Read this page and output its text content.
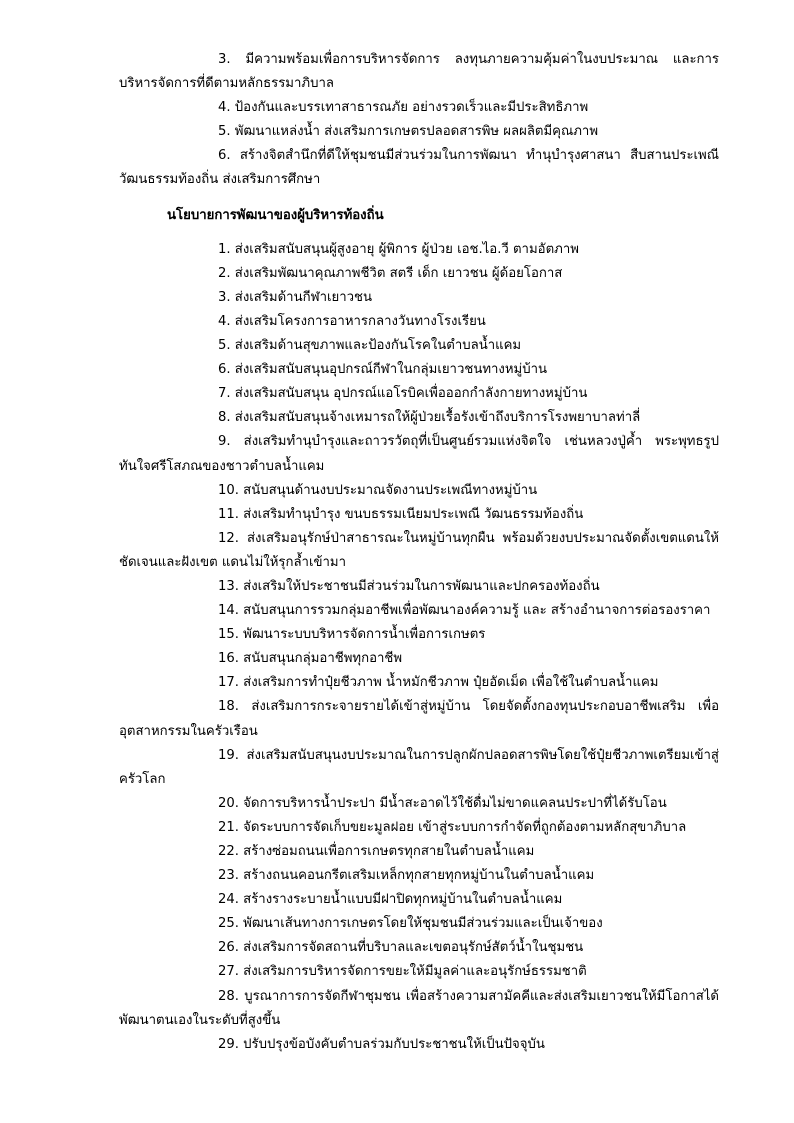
3. มีความพร้อมเพื่อการบริหารจัดการ ลงทุนภายความคุ้มค่าในงบประมาณ และการบริหารจัดการที่ดีตามหลักธรรมาภิบาล

4. ป้องกันและบรรเทาสาธารณภัย อย่างรวดเร็วและมีประสิทธิภาพ

5. พัฒนาแหล่งน้ำ ส่งเสริมการเกษตรปลอดสารพิษ ผลผลิตมีคุณภาพ

6. สร้างจิตสำนึกที่ดีให้ชุมชนมีส่วนร่วมในการพัฒนา ทำนุบำรุงศาสนา สืบสานประเพณีวัฒนธรรมท้องถิ่น ส่งเสริมการศึกษา

นโยบายการพัฒนาของผู้บริหารท้องถิ่น

1. ส่งเสริมสนับสนุนผู้สูงอายุ ผู้พิการ ผู้ป่วย เอช.ไอ.วี ตามอัตภาพ

2. ส่งเสริมพัฒนาคุณภาพชีวิต สตรี เด็ก เยาวชน ผู้ด้อยโอกาส

3. ส่งเสริมด้านกีฬาเยาวชน

4. ส่งเสริมโครงการอาหารกลางวันทางโรงเรียน

5. ส่งเสริมด้านสุขภาพและป้องกันโรคในตำบลน้ำแคม

6. ส่งเสริมสนับสนุนอุปกรณ์กีฬาในกลุ่มเยาวชนทางหมู่บ้าน

7. ส่งเสริมสนับสนุน อุปกรณ์แอโรบิคเพื่อออกกำลังกายทางหมู่บ้าน

8. ส่งเสริมสนับสนุนจ้างเหมารถให้ผู้ป่วยเรื้อรังเข้าถึงบริการโรงพยาบาลท่าลี่

9. ส่งเสริมทำนุบำรุงและถาวรวัตถุที่เป็นศูนย์รวมแห่งจิตใจ เช่นหลวงปู่ค้ำ พระพุทธรูปทันใจศรีโสภณของชาวตำบลน้ำแคม

10. สนับสนุนด้านงบประมาณจัดงานประเพณีทางหมู่บ้าน

11. ส่งเสริมทำนุบำรุง ขนบธรรมเนียมประเพณี วัฒนธรรมท้องถิ่น

12. ส่งเสริมอนุรักษ์ป่าสาธารณะในหมู่บ้านทุกผืน พร้อมด้วยงบประมาณจัดตั้งเขตแดนให้ชัดเจนและฝังเขต แดนไม่ให้รุกล้ำเข้ามา

13. ส่งเสริมให้ประชาชนมีส่วนร่วมในการพัฒนาและปกครองท้องถิ่น

14. สนับสนุนการรวมกลุ่มอาชีพเพื่อพัฒนาองค์ความรู้ และ สร้างอำนาจการต่อรองราคา

15. พัฒนาระบบบริหารจัดการน้ำเพื่อการเกษตร

16. สนับสนุนกลุ่มอาชีพทุกอาชีพ

17. ส่งเสริมการทำปุ๋ยชีวภาพ น้ำหมักชีวภาพ ปุ๋ยอัดเม็ด เพื่อใช้ในตำบลน้ำแคม

18. ส่งเสริมการกระจายรายได้เข้าสู่หมู่บ้าน โดยจัดตั้งกองทุนประกอบอาชีพเสริม เพื่ออุตสาหกรรมในครัวเรือน

19. ส่งเสริมสนับสนุนงบประมาณในการปลูกผักปลอดสารพิษโดยใช้ปุ๋ยชีวภาพเตรียมเข้าสู่ครัวโลก

20. จัดการบริหารน้ำประปา มีน้ำสะอาดไว้ใช้ดื่มไม่ขาดแคลนประปาที่ได้รับโอน

21. จัดระบบการจัดเก็บขยะมูลฝอย เข้าสู่ระบบการกำจัดที่ถูกต้องตามหลักสุขาภิบาล

22. สร้างซ่อมถนนเพื่อการเกษตรทุกสายในตำบลน้ำแคม

23. สร้างถนนคอนกรีตเสริมเหล็กทุกสายทุกหมู่บ้านในตำบลน้ำแคม

24. สร้างรางระบายน้ำแบบมีฝาปิดทุกหมู่บ้านในตำบลน้ำแคม

25. พัฒนาเส้นทางการเกษตรโดยให้ชุมชนมีส่วนร่วมและเป็นเจ้าของ

26. ส่งเสริมการจัดสถานที่บริบาลและเขตอนุรักษ์สัตว์น้ำในชุมชน

27. ส่งเสริมการบริหารจัดการขยะให้มีมูลค่าและอนุรักษ์ธรรมชาติ

28. บูรณาการการจัดกีฬาชุมชน เพื่อสร้างความสามัคคีและส่งเสริมเยาวชนให้มีโอกาสได้พัฒนาตนเองในระดับที่สูงขึ้น

29. ปรับปรุงข้อบังคับตำบลร่วมกับประชาชนให้เป็นปัจจุบัน
